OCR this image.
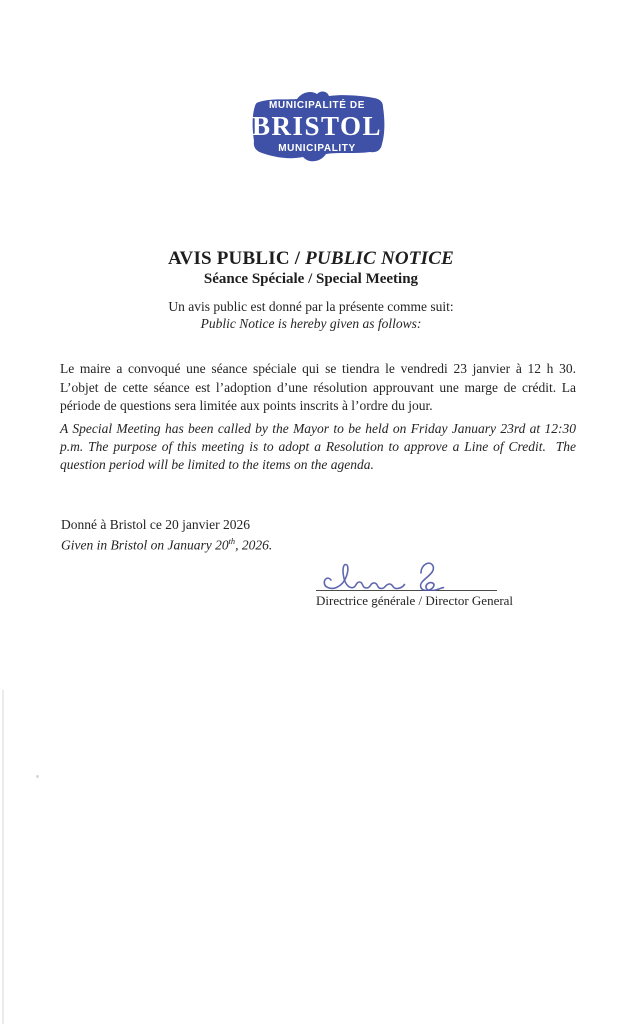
MUNICIPALITÉ DE
BRISTOL
MUNICIPALITY
AVIS PUBLIC / PUBLIC NOTICE
Séance Spéciale / Special Meeting
Un avis public est donné par la présente comme suit:
Public Notice is hereby given as follows:
Le maire a convoqué une séance spéciale qui se tiendra le vendredi 23 janvier à 12 h 30.  L’objet de cette séance est l’adoption d’une résolution approuvant une marge de crédit. La période de questions sera limitée aux points inscrits à l’ordre du jour.
A Special Meeting has been called by the Mayor to be held on Friday January 23rd at 12:30 p.m. The purpose of this meeting is to adopt a Resolution to approve a Line of Credit.  The question period will be limited to the items on the agenda.
Donné à Bristol ce 20 janvier 2026
Given in Bristol on January 20th, 2026.
Directrice générale / Director General
